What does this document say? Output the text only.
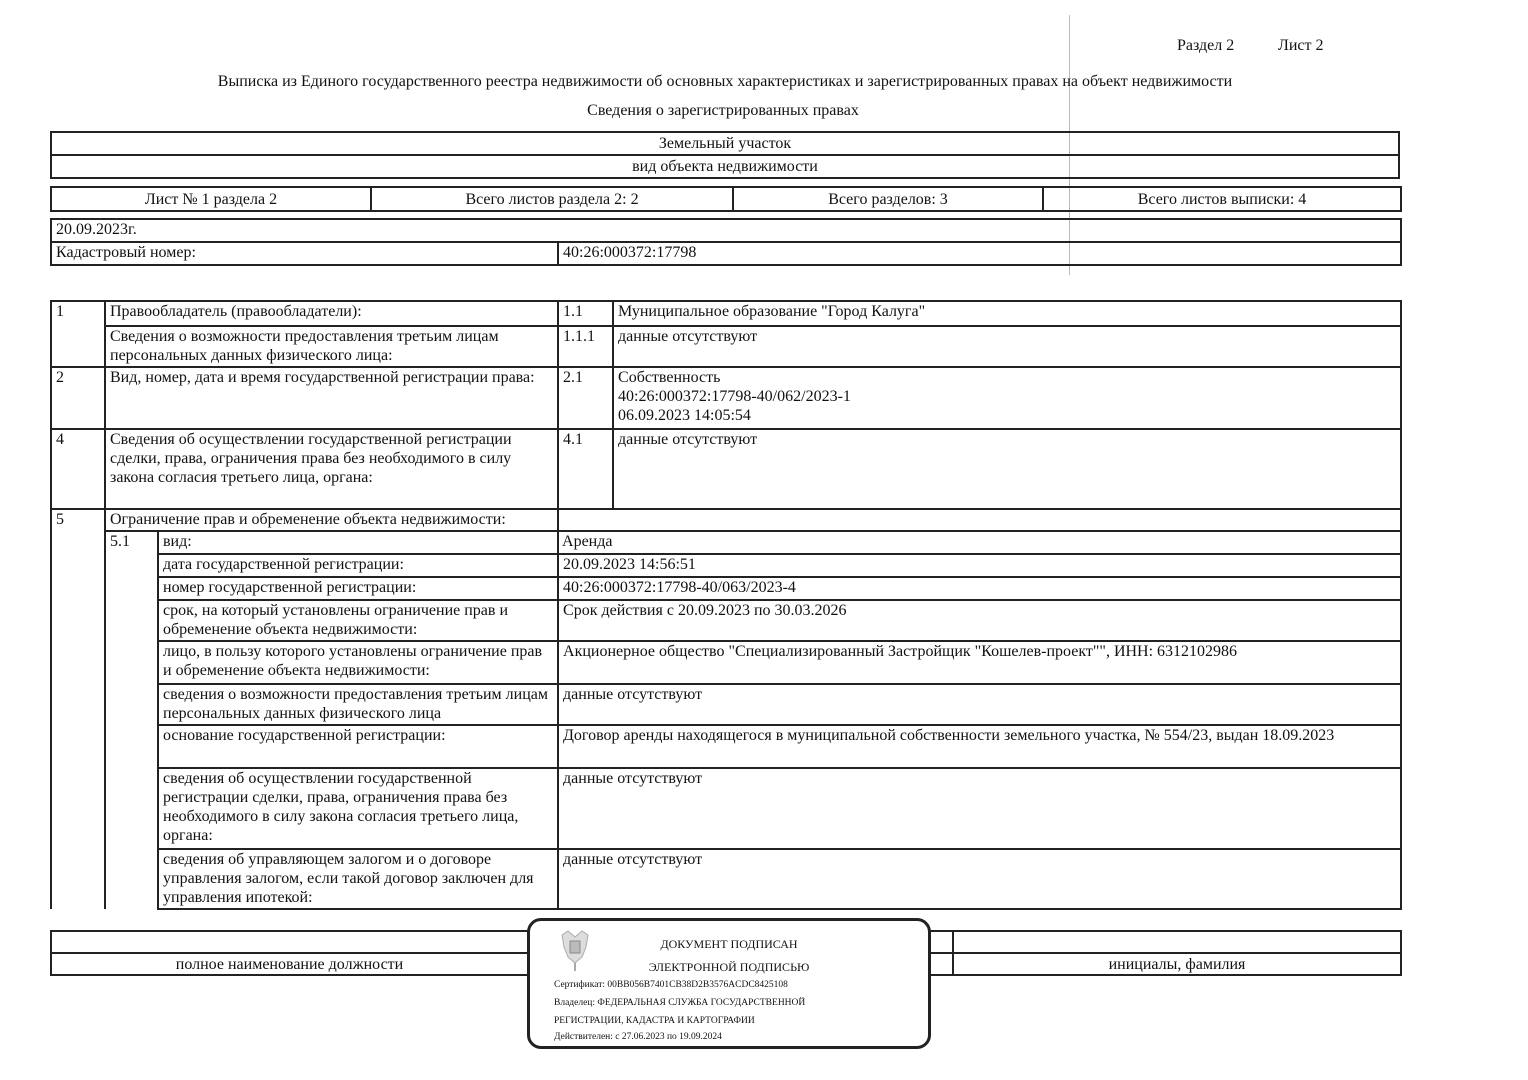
Раздел 2	Лист 2
Выписка из Единого государственного реестра недвижимости об основных характеристиках и зарегистрированных правах на объект недвижимости
Сведения о зарегистрированных правах
Земельный участок
вид объекта недвижимости
Лист № 1 раздела 2	Всего листов раздела 2: 2	Всего разделов: 3	Всего листов выписки: 4
20.09.2023г.
Кадастровый номер:	40:26:000372:17798
1	Правообладатель (правообладатели):		1.1	Муниципальное образование "Город Калуга"
	Сведения о возможности предоставления третьим лицам персональных данных физического лица:		1.1.1	данные отсутствуют
2	Вид, номер, дата и время государственной регистрации права:		2.1	Собственность
40:26:000372:17798-40/062/2023-1
06.09.2023 14:05:54

4	Сведения об осуществлении государственной регистрации сделки, права, ограничения права без необходимого в силу закона согласия третьего лица, органа:		4.1	данные отсутствуют
5	Ограничение прав и обременение объекта недвижимости:			
	5.1	вид:	Аренда	
		дата государственной регистрации:	20.09.2023 14:56:51	
		номер государственной регистрации:	40:26:000372:17798-40/063/2023-4	
		срок, на который установлены ограничение прав и обременение объекта недвижимости:	Срок действия с 20.09.2023 по 30.03.2026	
		лицо, в пользу которого установлены ограничение прав и обременение объекта недвижимости:	Акционерное общество "Специализированный Застройщик "Кошелев-проект"", ИНН: 6312102986	
		сведения о возможности предоставления третьим лицам персональных данных физического лица	данные отсутствуют	
		основание государственной регистрации:	Договор аренды находящегося в муниципальной собственности земельного участка, № 554/23, выдан 18.09.2023	
		сведения об осуществлении государственной регистрации сделки, права, ограничения права без необходимого в силу закона согласия третьего лица, органа:	данные отсутствуют	
		сведения об управляющем залогом и о договоре управления залогом, если такой договор заключен для управления ипотекой:	данные отсутствуют	

полное наименование должности		инициалы, фамилия
ДОКУМЕНТ ПОДПИСАН
ЭЛЕКТРОННОЙ ПОДПИСЬЮ
Сертификат: 00BB056B7401CB38D2B3576ACDC8425108
Владелец: ФЕДЕРАЛЬНАЯ СЛУЖБА ГОСУДАРСТВЕННОЙ
РЕГИСТРАЦИИ, КАДАСТРА И КАРТОГРАФИИ
Действителен: с 27.06.2023 по 19.09.2024
